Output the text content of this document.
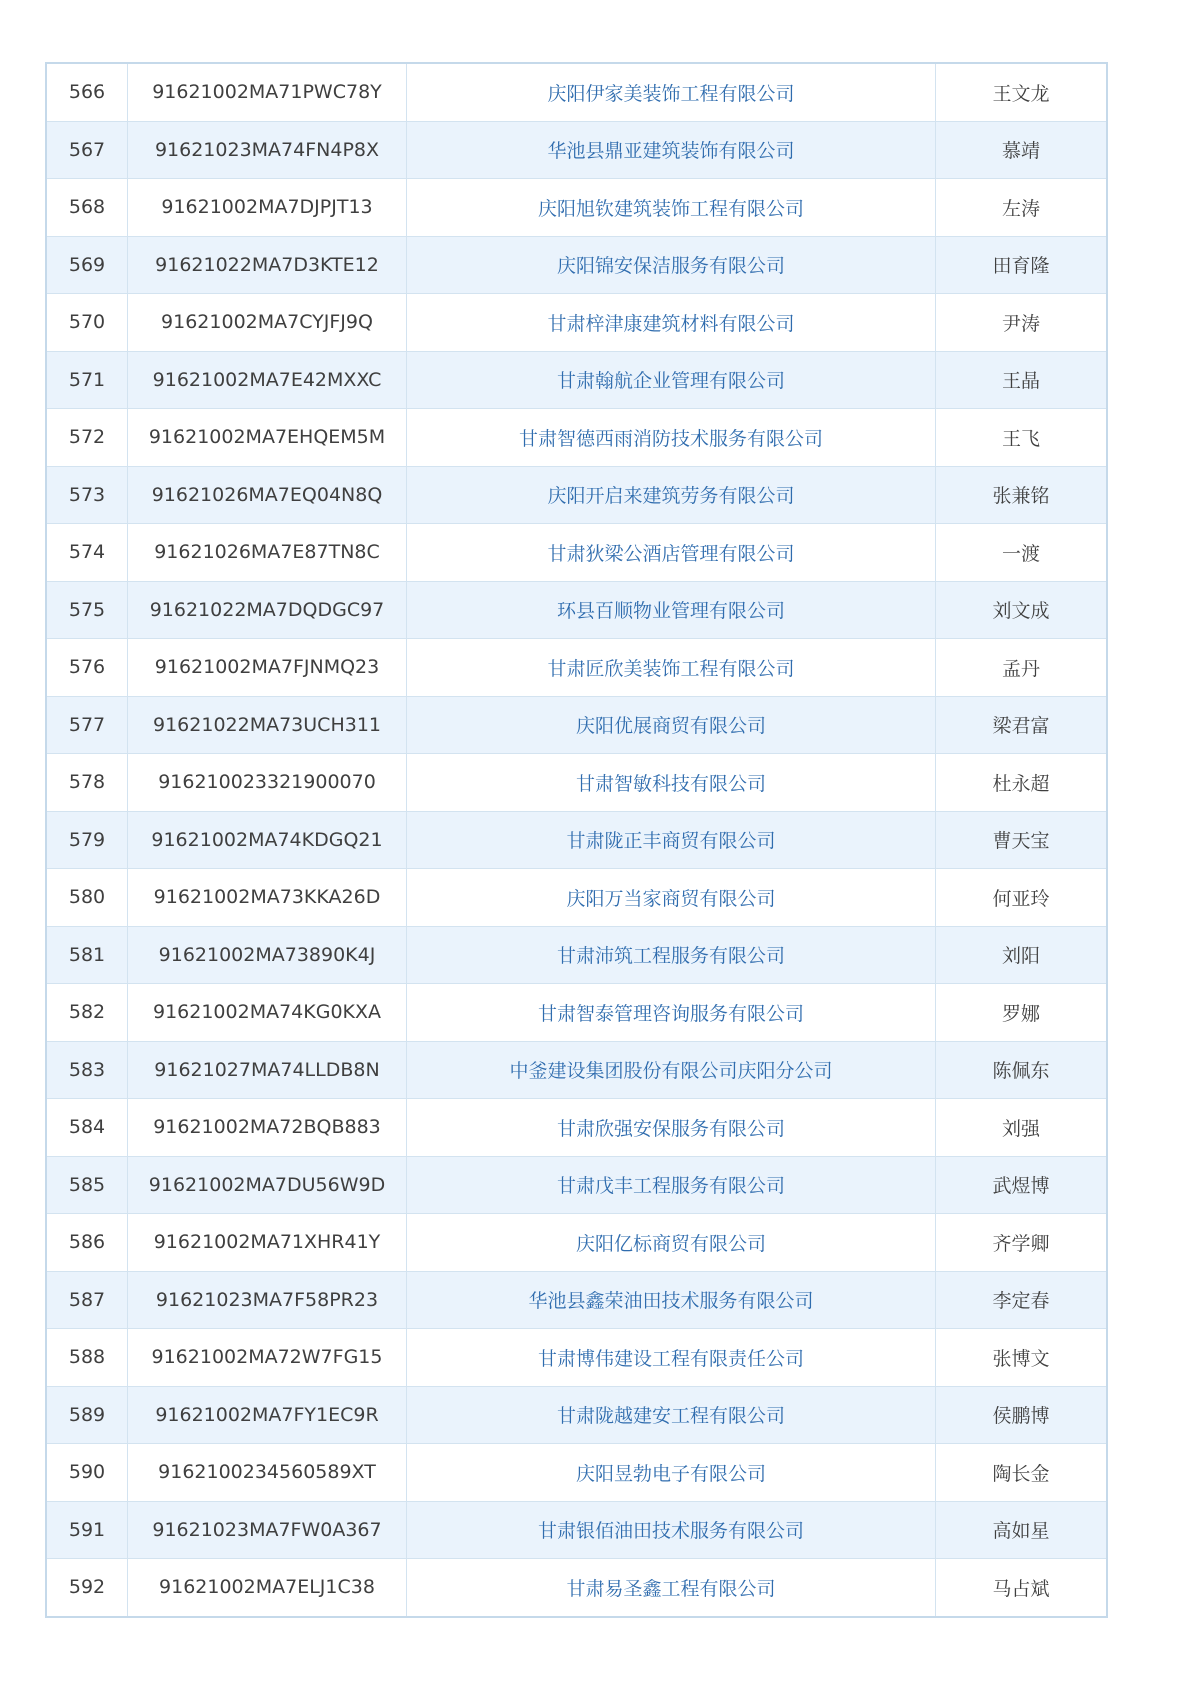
566	91621002MA71PWC78Y	庆阳伊家美装饰工程有限公司	王文龙
567	91621023MA74FN4P8X	华池县鼎亚建筑装饰有限公司	慕靖
568	91621002MA7DJPJT13	庆阳旭钦建筑装饰工程有限公司	左涛
569	91621022MA7D3KTE12	庆阳锦安保洁服务有限公司	田育隆
570	91621002MA7CYJFJ9Q	甘肃梓津康建筑材料有限公司	尹涛
571	91621002MA7E42MXXC	甘肃翰航企业管理有限公司	王晶
572	91621002MA7EHQEM5M	甘肃智德西雨消防技术服务有限公司	王飞
573	91621026MA7EQ04N8Q	庆阳开启来建筑劳务有限公司	张兼铭
574	91621026MA7E87TN8C	甘肃狄梁公酒店管理有限公司	一渡
575	91621022MA7DQDGC97	环县百顺物业管理有限公司	刘文成
576	91621002MA7FJNMQ23	甘肃匠欣美装饰工程有限公司	孟丹
577	91621022MA73UCH311	庆阳优展商贸有限公司	梁君富
578	916210023321900070	甘肃智敏科技有限公司	杜永超
579	91621002MA74KDGQ21	甘肃陇正丰商贸有限公司	曹天宝
580	91621002MA73KKA26D	庆阳万当家商贸有限公司	何亚玲
581	91621002MA73890K4J	甘肃沛筑工程服务有限公司	刘阳
582	91621002MA74KG0KXA	甘肃智泰管理咨询服务有限公司	罗娜
583	91621027MA74LLDB8N	中釜建设集团股份有限公司庆阳分公司	陈佩东
584	91621002MA72BQB883	甘肃欣强安保服务有限公司	刘强
585	91621002MA7DU56W9D	甘肃戊丰工程服务有限公司	武煜博
586	91621002MA71XHR41Y	庆阳亿标商贸有限公司	齐学卿
587	91621023MA7F58PR23	华池县鑫荣油田技术服务有限公司	李定春
588	91621002MA72W7FG15	甘肃博伟建设工程有限责任公司	张博文
589	91621002MA7FY1EC9R	甘肃陇越建安工程有限公司	侯鹏博
590	9162100234560589XT	庆阳昱勃电子有限公司	陶长金
591	91621023MA7FW0A367	甘肃银佰油田技术服务有限公司	高如星
592	91621002MA7ELJ1C38	甘肃易圣鑫工程有限公司	马占斌
